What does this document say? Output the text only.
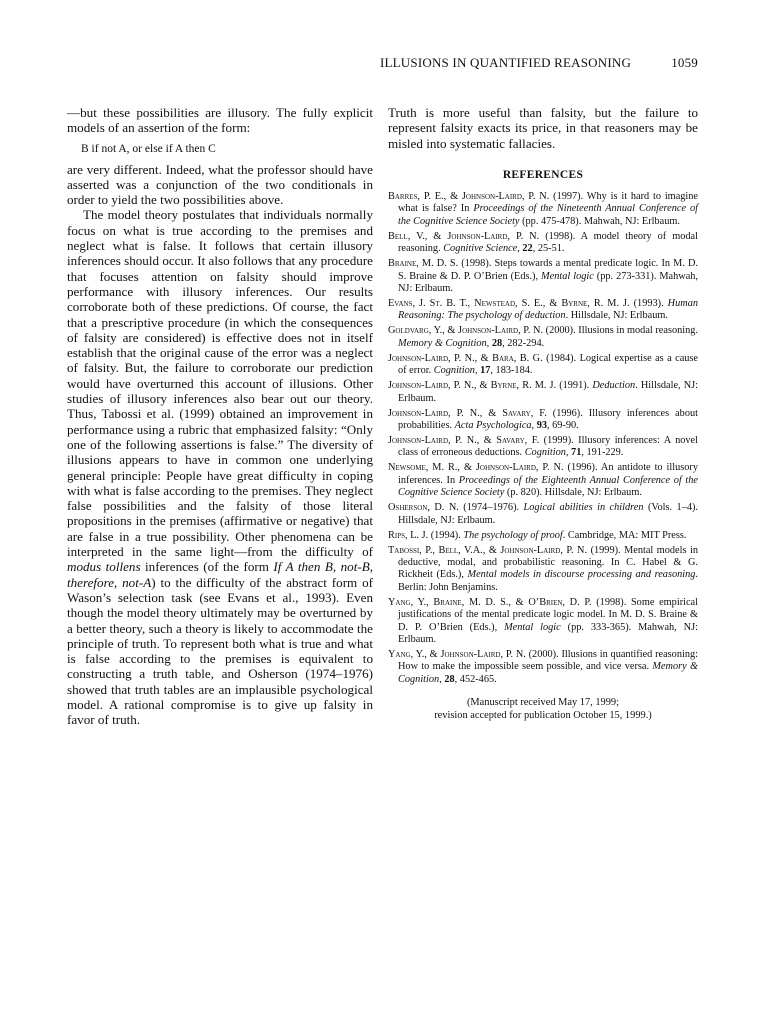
ILLUSIONS IN QUANTIFIED REASONING	1059

—but these possibilities are illusory. The fully explicit models of an assertion of the form:

B if not A, or else if A then C

are very different. Indeed, what the professor should have asserted was a conjunction of the two conditionals in order to yield the two possibilities above.

The model theory postulates that individuals normally focus on what is true according to the premises and neglect what is false. It follows that certain illusory inferences should occur. It also follows that any procedure that focuses attention on falsity should improve performance with illusory inferences. Our results corroborate both of these predictions. Of course, the fact that a prescriptive procedure (in which the consequences of falsity are considered) is effective does not in itself establish that the original cause of the error was a neglect of falsity. But, the failure to corroborate our prediction would have overturned this account of illusions. Other studies of illusory inferences also bear out our theory. Thus, Tabossi et al. (1999) obtained an improvement in performance using a rubric that emphasized falsity: “Only one of the following assertions is false.” The diversity of illusions appears to have in common one underlying general principle: People have great difficulty in coping with what is false according to the premises. They neglect false possibilities and the falsity of those literal propositions in the premises (affirmative or negative) that are false in a true possibility. Other phenomena can be interpreted in the same light—from the difficulty of modus tollens inferences (of the form If A then B, not-B, therefore, not-A) to the difficulty of the abstract form of Wason’s selection task (see Evans et al., 1993). Even though the model theory ultimately may be overturned by a better theory, such a theory is likely to accommodate the principle of truth. To represent both what is true and what is false according to the premises is equivalent to constructing a truth table, and Osherson (1974–1976) showed that truth tables are an implausible psychological model. A rational compromise is to give up falsity in favor of truth.

Truth is more useful than falsity, but the failure to represent falsity exacts its price, in that reasoners may be misled into systematic fallacies.

REFERENCES

Barres, P. E., & Johnson-Laird, P. N. (1997). Why is it hard to imagine what is false? In Proceedings of the Nineteenth Annual Conference of the Cognitive Science Society (pp. 475-478). Mahwah, NJ: Erlbaum.

Bell, V., & Johnson-Laird, P. N. (1998). A model theory of modal reasoning. Cognitive Science, 22, 25-51.

Braine, M. D. S. (1998). Steps towards a mental predicate logic. In M. D. S. Braine & D. P. O’Brien (Eds.), Mental logic (pp. 273-331). Mahwah, NJ: Erlbaum.

Evans, J. St. B. T., Newstead, S. E., & Byrne, R. M. J. (1993). Human Reasoning: The psychology of deduction. Hillsdale, NJ: Erlbaum.

Goldvarg, Y., & Johnson-Laird, P. N. (2000). Illusions in modal reasoning. Memory & Cognition, 28, 282-294.

Johnson-Laird, P. N., & Bara, B. G. (1984). Logical expertise as a cause of error. Cognition, 17, 183-184.

Johnson-Laird, P. N., & Byrne, R. M. J. (1991). Deduction. Hillsdale, NJ: Erlbaum.

Johnson-Laird, P. N., & Savary, F. (1996). Illusory inferences about probabilities. Acta Psychologica, 93, 69-90.

Johnson-Laird, P. N., & Savary, F. (1999). Illusory inferences: A novel class of erroneous deductions. Cognition, 71, 191-229.

Newsome, M. R., & Johnson-Laird, P. N. (1996). An antidote to illusory inferences. In Proceedings of the Eighteenth Annual Conference of the Cognitive Science Society (p. 820). Hillsdale, NJ: Erlbaum.

Osherson, D. N. (1974–1976). Logical abilities in children (Vols. 1–4). Hillsdale, NJ: Erlbaum.

Rips, L. J. (1994). The psychology of proof. Cambridge, MA: MIT Press.

Tabossi, P., Bell, V.A., & Johnson-Laird, P. N. (1999). Mental models in deductive, modal, and probabilistic reasoning. In C. Habel & G. Rickheit (Eds.), Mental models in discourse processing and reasoning. Berlin: John Benjamins.

Yang, Y., Braine, M. D. S., & O’Brien, D. P. (1998). Some empirical justifications of the mental predicate logic model. In M. D. S. Braine & D. P. O’Brien (Eds.), Mental logic (pp. 333-365). Mahwah, NJ: Erlbaum.

Yang, Y., & Johnson-Laird, P. N. (2000). Illusions in quantified reasoning: How to make the impossible seem possible, and vice versa. Memory & Cognition, 28, 452-465.

(Manuscript received May 17, 1999;
revision accepted for publication October 15, 1999.)
